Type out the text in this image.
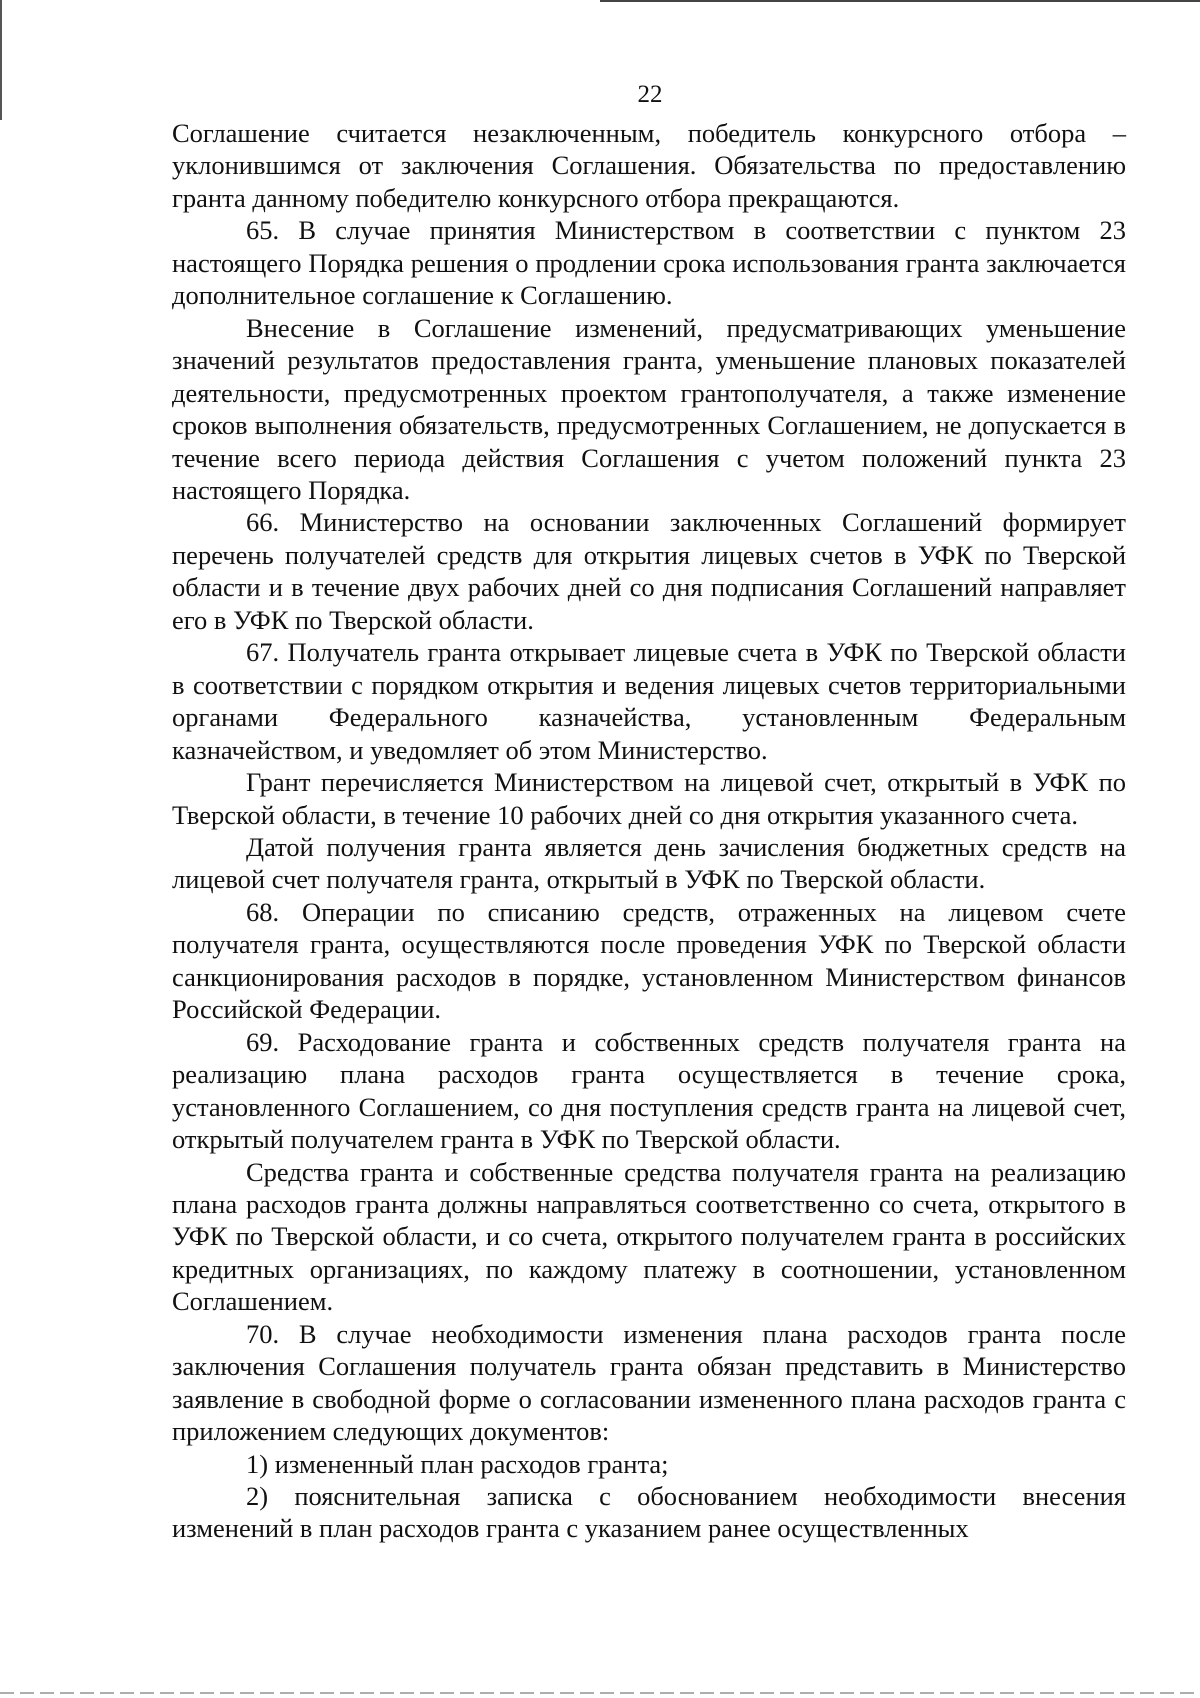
22

Соглашение считается незаключенным, победитель конкурсного отбора – уклонившимся от заключения Соглашения. Обязательства по предоставлению гранта данному победителю конкурсного отбора прекращаются.

65. В случае принятия Министерством в соответствии с пунктом 23 настоящего Порядка решения о продлении срока использования гранта заключается дополнительное соглашение к Соглашению.

Внесение в Соглашение изменений, предусматривающих уменьшение значений результатов предоставления гранта, уменьшение плановых показателей деятельности, предусмотренных проектом грантополучателя, а также изменение сроков выполнения обязательств, предусмотренных Соглашением, не допускается в течение всего периода действия Соглашения с учетом положений пункта 23 настоящего Порядка.

66. Министерство на основании заключенных Соглашений формирует перечень получателей средств для открытия лицевых счетов в УФК по Тверской области и в течение двух рабочих дней со дня подписания Соглашений направляет его в УФК по Тверской области.

67. Получатель гранта открывает лицевые счета в УФК по Тверской области в соответствии с порядком открытия и ведения лицевых счетов территориальными органами Федерального казначейства, установленным Федеральным казначейством, и уведомляет об этом Министерство.

Грант перечисляется Министерством на лицевой счет, открытый в УФК по Тверской области, в течение 10 рабочих дней со дня открытия указанного счета.

Датой получения гранта является день зачисления бюджетных средств на лицевой счет получателя гранта, открытый в УФК по Тверской области.

68. Операции по списанию средств, отраженных на лицевом счете получателя гранта, осуществляются после проведения УФК по Тверской области санкционирования расходов в порядке, установленном Министерством финансов Российской Федерации.

69. Расходование гранта и собственных средств получателя гранта на реализацию плана расходов гранта осуществляется в течение срока, установленного Соглашением, со дня поступления средств гранта на лицевой счет, открытый получателем гранта в УФК по Тверской области.

Средства гранта и собственные средства получателя гранта на реализацию плана расходов гранта должны направляться соответственно со счета, открытого в УФК по Тверской области, и со счета, открытого получателем гранта в российских кредитных организациях, по каждому платежу в соотношении, установленном Соглашением.

70. В случае необходимости изменения плана расходов гранта после заключения Соглашения получатель гранта обязан представить в Министерство заявление в свободной форме о согласовании измененного плана расходов гранта с приложением следующих документов:

1) измененный план расходов гранта;

2) пояснительная записка с обоснованием необходимости внесения изменений в план расходов гранта с указанием ранее осуществленных
